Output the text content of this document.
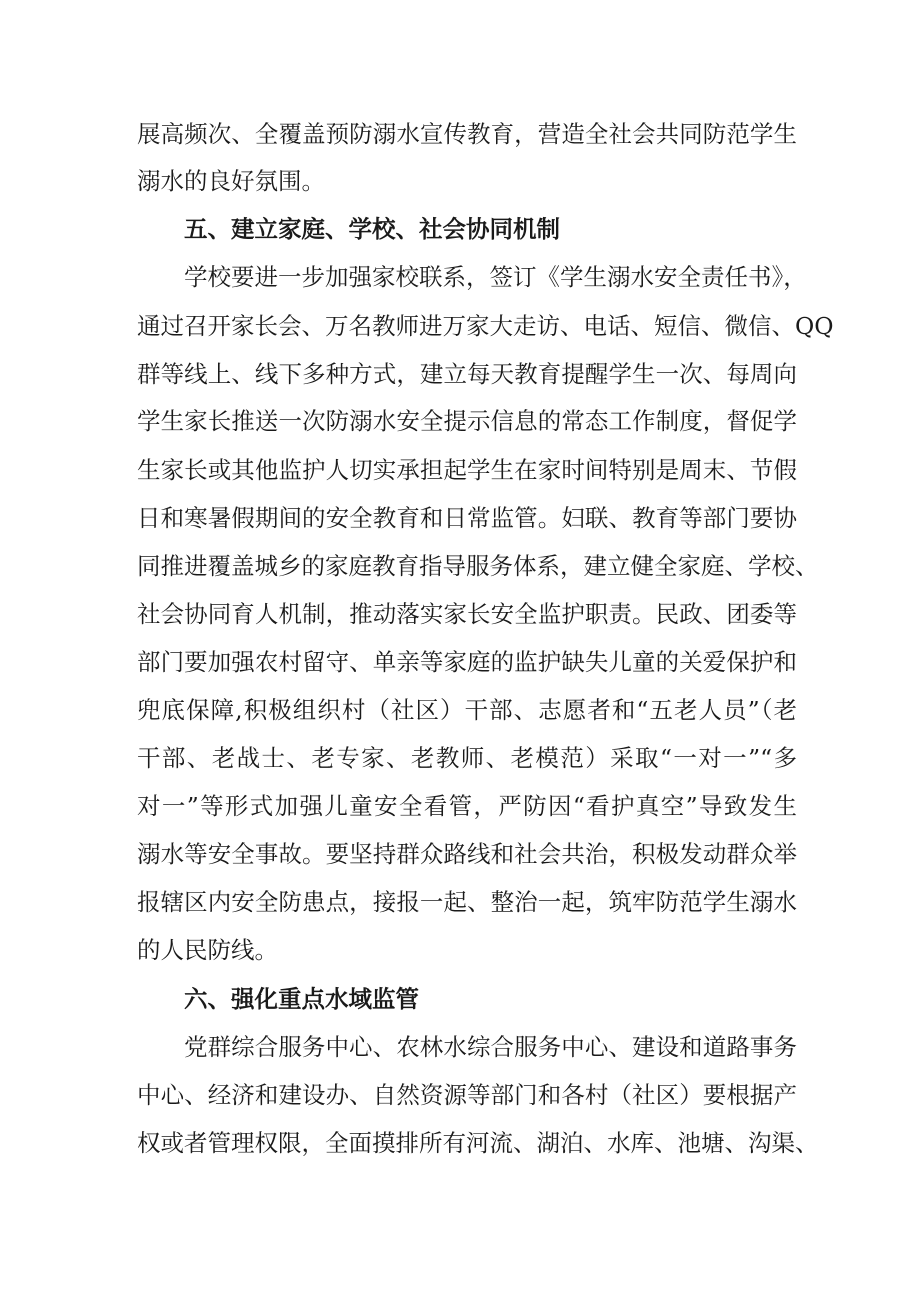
展高频次、全覆盖预防溺水宣传教育，营造全社会共同防范学生
溺水的良好氛围。
五、建立家庭、学校、社会协同机制
学校要进一步加强家校联系，签订《学生溺水安全责任书》，
通过召开家长会、万名教师进万家大走访、电话、短信、微信、QQ
群等线上、线下多种方式，建立每天教育提醒学生一次、每周向
学生家长推送一次防溺水安全提示信息的常态工作制度，督促学
生家长或其他监护人切实承担起学生在家时间特别是周末、节假
日和寒暑假期间的安全教育和日常监管。妇联、教育等部门要协
同推进覆盖城乡的家庭教育指导服务体系，建立健全家庭、学校、
社会协同育人机制，推动落实家长安全监护职责。民政、团委等
部门要加强农村留守、单亲等家庭的监护缺失儿童的关爱保护和
兜底保障,积极组织村（社区）干部、志愿者和“五老人员”（老
干部、老战士、老专家、老教师、老模范）采取“一对一”“多
对一”等形式加强儿童安全看管，严防因“看护真空”导致发生
溺水等安全事故。要坚持群众路线和社会共治，积极发动群众举
报辖区内安全防患点，接报一起、整治一起，筑牢防范学生溺水
的人民防线。
六、强化重点水域监管
党群综合服务中心、农林水综合服务中心、建设和道路事务
中心、经济和建设办、自然资源等部门和各村（社区）要根据产
权或者管理权限，全面摸排所有河流、湖泊、水库、池塘、沟渠、
